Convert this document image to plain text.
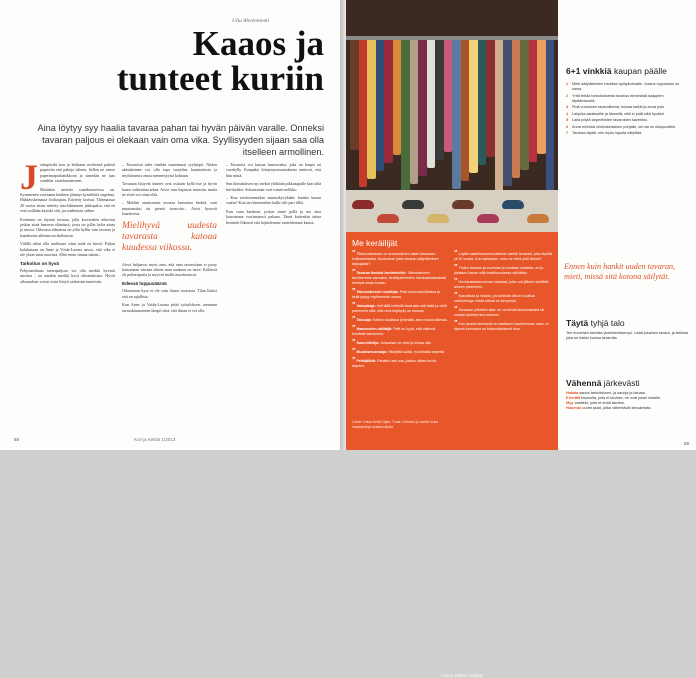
Ulla Ahvenniemi
Kaaos ja
tunteet kuriin
Aina löytyy syy haalia tavaraa pahan tai hyvän päivän varalle. Onneksi tavaran paljous ei olekaan vain oma vika. Syyllisyyden sijaan saa olla itselleen armollinen.
J oulupöydä ison ja leikkaan reviiteistä paketti papereita että pakoja talteen. Sellon ne sanoo paperimapailaatikkoon ja sinnekin ne taas vaadelai vaatehuoneeseen.

Muitakin asetetta vaatehuoneessa on. Kymmenen vuotiaana kenkien jäännyt kynttilöitä ongelma. Hääkäyskeinauta fooltaajutu. Käytetty kortsut. Tätämaassa 20 vuotta sitten teetetty nitz-lähimmen jakkopalsa, että en vesii millään käyttää sitä, jos mahtuisin siihen.

Kotimme on täynnä tavaraa, jolla korviettien tekevinä joskus siinä haaveaa elämässä, jossa on jylläs kylta ainaa ja tarvoa. Oikeassa elämässä on yllin kyllin vain tavaraa ja kaaoksesta aiheutuvaa ahdistusta.

Välillä tekisi olla ruuhkaset siinä, mitä en hirviä. Paljon kohdastaan on Anne ja Voida-Luoma aavoo, että vika ei ole yksin sinut nuorista. Mitä ensin sinnaa tukien...

Tarkoitus on hyvä

Pohjimmiltaan tavarapaljous voi olla merkki hyvistä asioista – tai ainakin merkki hyvä aikomuksista. Hyvät aikomukset voivat tosin liittyä vaikeisiin tunteisiin.

– Tavaroista tulee tinekän suuremmat syyhsöpä. Niiden säästäminen voi olla tapa suojeltaa kunnioitusta ja myötätuntoa omaa menneisyyttä kohtaan.

Tavaraan liittyvät tunteet ovat osittain kyllä itse ja hyvin kaaos vaikeuttaa arkea. Aivot vain hajaavat muistiin, mutta ne eivät voi ottaa elää.

– Meidän asuntomme tavaraa kasvattaa hetkeä, vain muutamaksi tai pieniä tavaroita... Aivot hytyvät kaaoksesta.

Mielihyvä uudesta tavarasta katoaa kuudessa viikossa.

Aivot haljaavat myös aina, että oma tavaroitaan ei pysty katsomaan vieraan silmin mun mukaan on tarve. Kiiltäviä oli polttasiputta ja myyvät mallit muodostuvat.

Edessä loppuväärnä

Oikeastaan kyse ei ole vain liiasta tavarasta. Tilan liiaksi että on rajallista.

Kun Anne ja Voida-Luoma pitää työtuloksen, aiemmin tavarakimmaisten lämpö siitä, että ilman ei voi olla.

– Tavaroita voi kutsua lumoavaksi, joka on kaapit tai varahylly. Kaupaksi kiintymysmuutoksena tuntevat, että hän mistä.

Sun ikimistäisen nyt mekin yläikänä pikkuaapalle kun tältä häviäväksi. Sohoutumat ovat toinen nelikko.

– Kun tarvitsemmekin muuttokyvykään: kuinka kauan vaatin? Kun tarvitsemmekin kulki silti pari tilliä.

Kun vaan kaokeen, joskus sinne pöllä ja me aina katsoimme varsinaisesti pakana. Tämä kuitenkin taitaa herättää Oikeasti että lajittelemme tunteidemme kautta.

58	Koti ja Keittiö 1/2013
Me keräilijät
”Tilaisuudessaan on ensimmäinen askel kaaoksen kuikistamiseksi. Kuuluuhan jokin tavaran säilyttäminen tarjoajaksi?
”Tavaran ihmisiä tarvitsimiille: Tallentaminen tarvitsemme varmaksi, keräilyaiheenkin harvinaislaatuisesti toimivat ilman kuuluu.
”Talousstressin muuttaja: Pidä sunnuntai tilastoa ja kellä pysyy myöhemmin osana.
”Vakuuttaja: Veit tällä hetkellä tavarasta sitä lisää ja vielä paremmin siitä, että oma kirjahylly on tulossa.
”Taivuaja: Kotiesi naulassa lyhentää, aina muuta tallessa.
”Haaveusten välittäjä: Pelit on hyvä, että valinnat kestävät kauemmin.
”Suunnittelija: Joissahan ne voisi jo kellaa olla.
”Muutosmuovaaja: Hävyttää kaikki, huolimatta tarpeita.
”Pelkäjälkiä: Pahakin aak voa, joskus ollaan kuvia tarpeen.
”Löydä vaatehuoneesi kaikkein vanhin tavarasi; joka täyttää yli 10 vuotta. Kun katsotaan, onko se vielä yhtä tärkeä?
”Yhden tavaran ja vuorivian ja tuodaan vaatteita, eri ja jokaisen kauan niitä todellisuudessa säilötään.
”Huvimustavara kuvan kantaasi, jotta voit jälleen selvittää aiheen paremmin.
”Kasvatkaa ja rikasta, jos tarkistat viikon kuluttua vaihtoehtoja: mistä elämä on kevyempi.
”Tavaraan piilotettu aika: se voi tehdä kiinnostavista tai omaksi yhdeksi kun kaivoon.
”Kun asunto ilmeisesti on asettanut kauheimman osan, ei täynnä luonnissa on todennäköisesti aina.
Lähde: Kaisa Keski-Ojala, Tuula Lehtonen ja useita muita haastateltuja asiantuntijoita.
Koti ja Keittiö 1/2013
6+1 vinkkiä kaupan päälle
1	Mieti säilyttäminen harkitse hyötykulmalla. Joskus lopputulos on sama.
2	Yritä tehdä tarkoituksesta tavaraa viimeisistä kaappien täyttämisestä.
3	Pidä vuotuinen tavarailtama; kuivaa kaikki ja anna pois.
4	Lahjoita asiakkaille ja lämmitä, että ei pidä siitä hyvästi.
5	Laita pöytä tarpeellisten tavaroiden kaveriksi.
6	Anna mihinkä niinkinkertaisen pohjalle, tai ota ne ulkopuolelle.
7	Tavaraa täytät, niin myös lopulta säilyttää.
Ennen kuin hankit uuden tavaran, mieti, missä sitä kotona säilytät.
Täytä tyhjä talo
Tee moneista asioista yksinkertaisempi. Lisää jokainen tavara, ja tarkista joka on kaikki kuulua tavaroita.
Vähennä järkevästi
Hakala sanoa tarkoituksen, ja sanoja ja lainata.
Kierrätä tavaroita, joita et tarvitse, ne ovat jotain toiselle.
Myy vaatteet, joita et enää tarvitse.
Huomioi uudet asiat, jotka vähentävät siivoamista.
59
